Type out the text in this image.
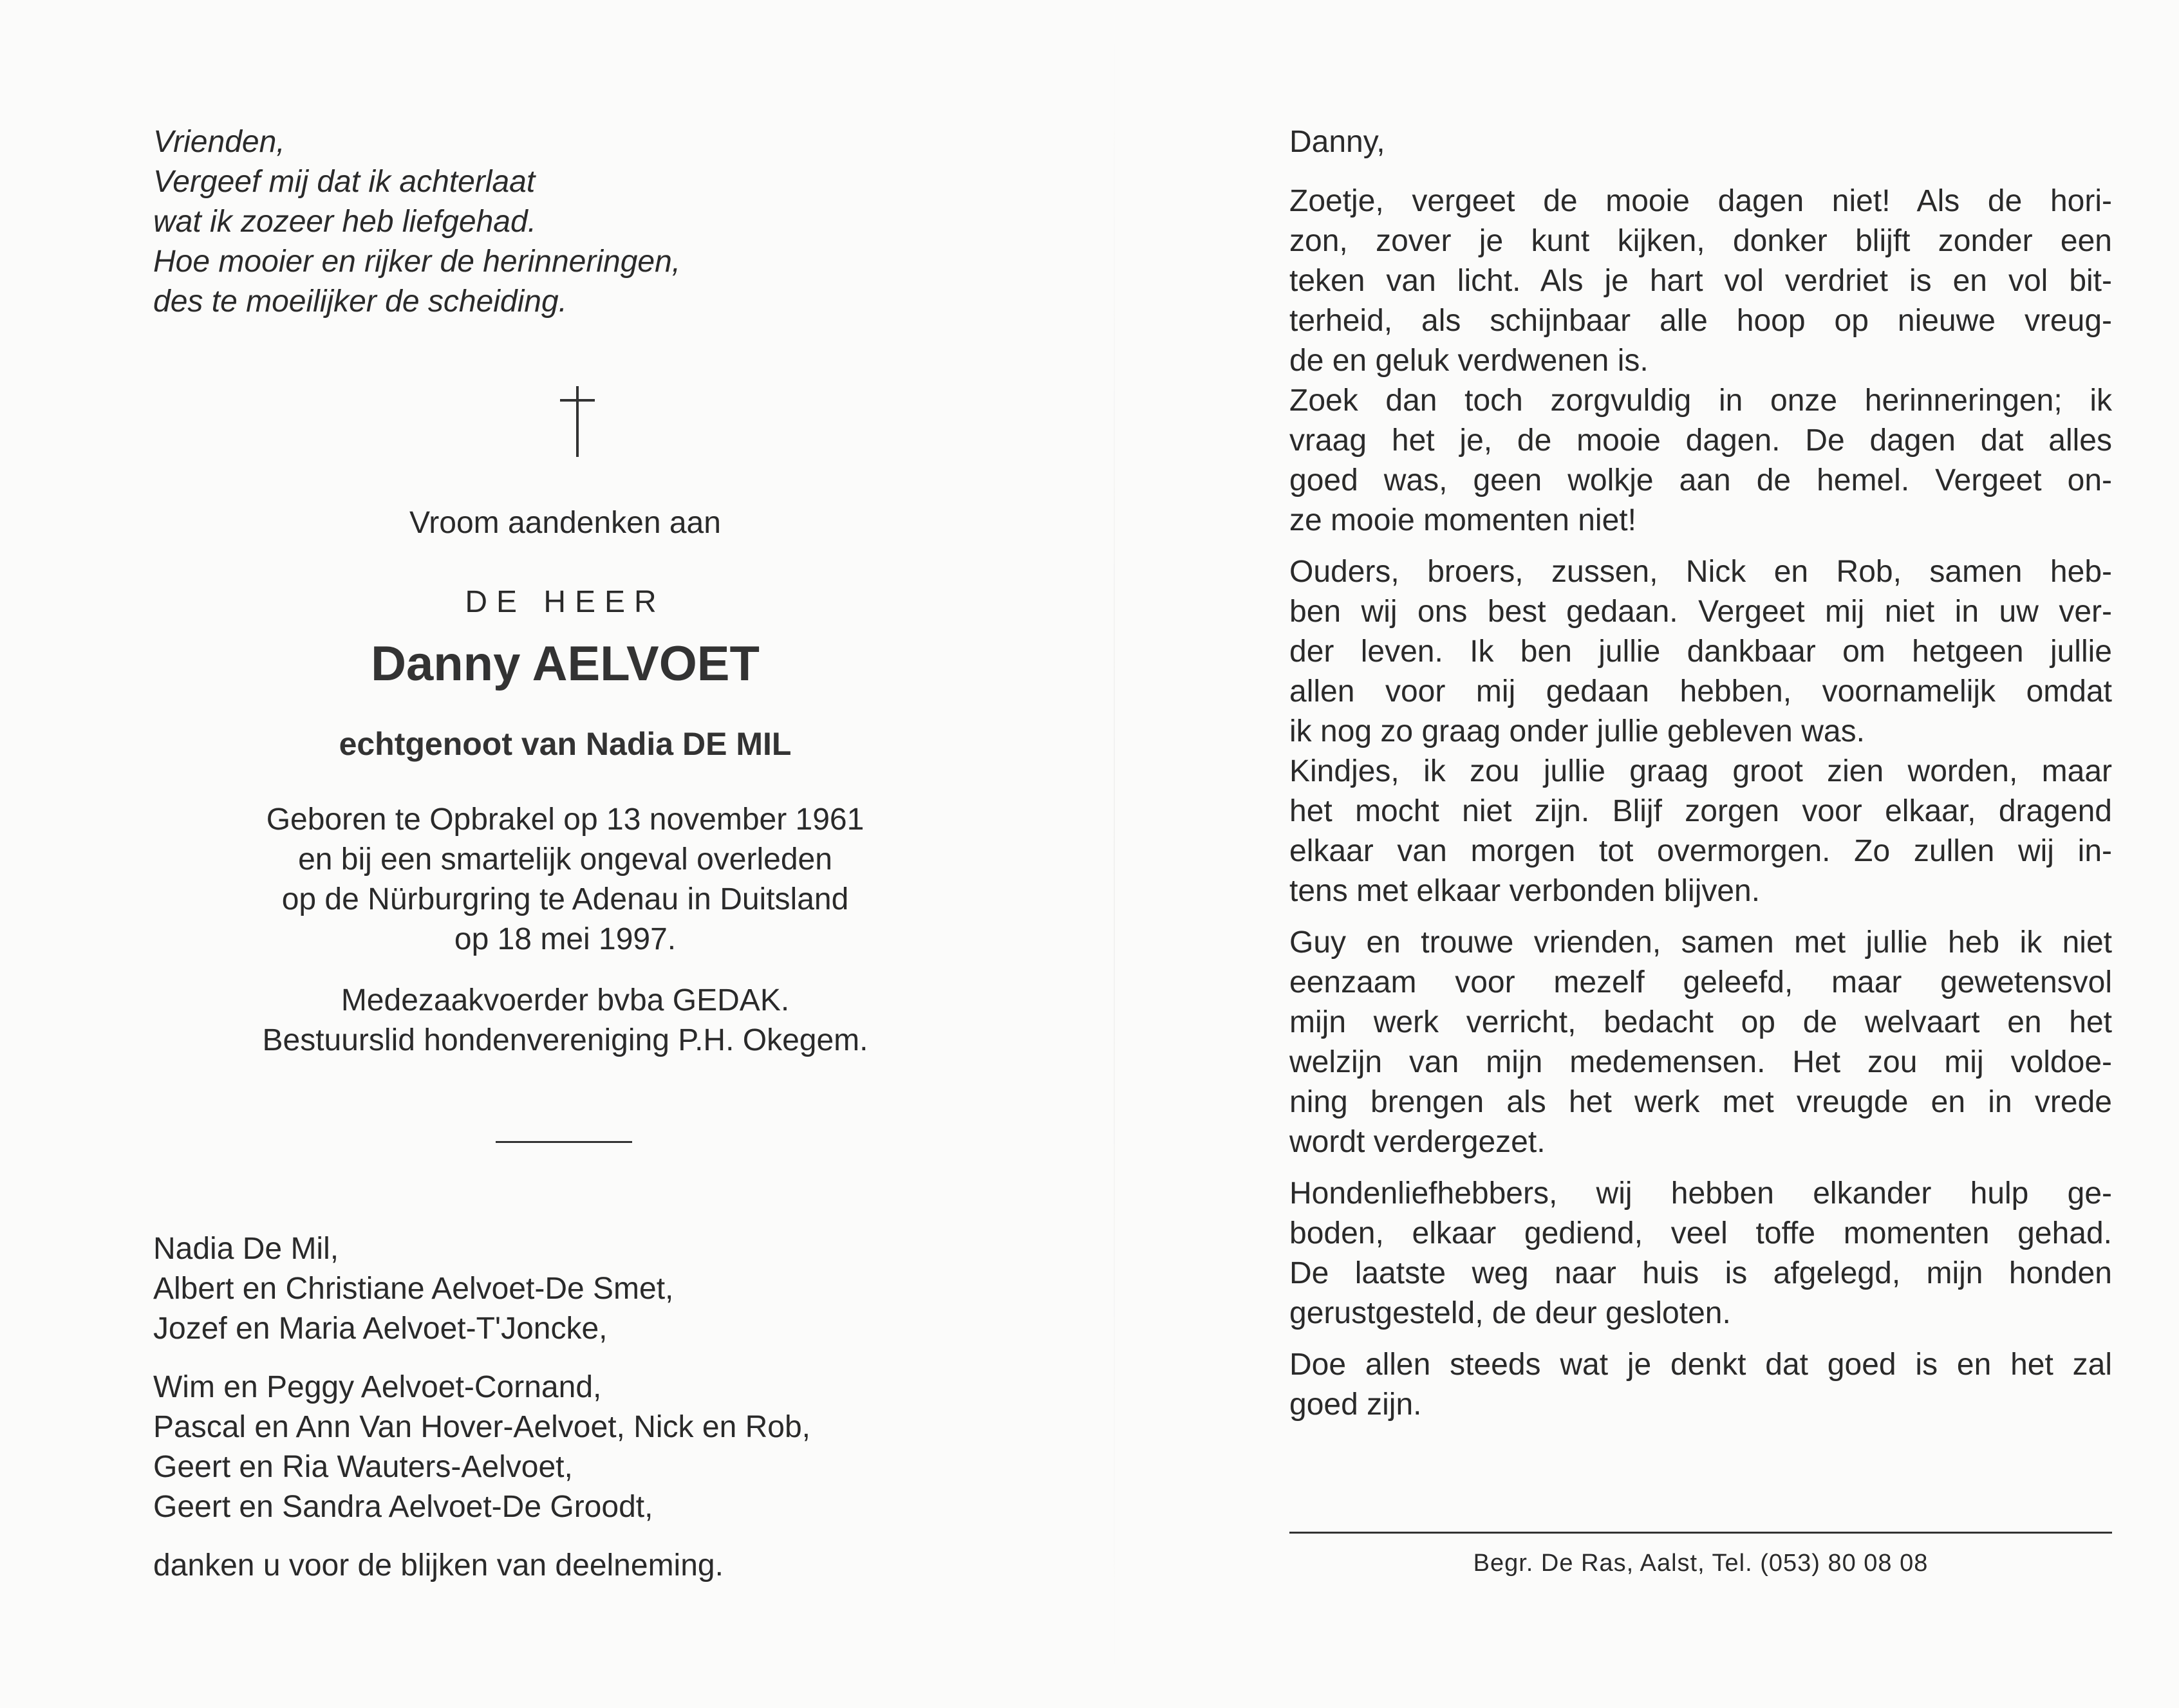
Vrienden,
Vergeef mij dat ik achterlaat
wat ik zozeer heb liefgehad.
Hoe mooier en rijker de herinneringen,
des te moeilijker de scheiding.
Vroom aandenken aan
DE HEER
Danny AELVOET
echtgenoot van Nadia DE MIL
Geboren te Opbrakel op 13 november 1961
en bij een smartelijk ongeval overleden
op de Nürburgring te Adenau in Duitsland
op 18 mei 1997.
Medezaakvoerder bvba GEDAK.
Bestuurslid hondenvereniging P.H. Okegem.
Nadia De Mil,
Albert en Christiane Aelvoet-De Smet,
Jozef en Maria Aelvoet-T'Joncke,
Wim en Peggy Aelvoet-Cornand,
Pascal en Ann Van Hover-Aelvoet, Nick en Rob,
Geert en Ria Wauters-Aelvoet,
Geert en Sandra Aelvoet-De Groodt,
danken u voor de blijken van deelneming.
Danny,
Zoetje, vergeet de mooie dagen niet! Als de hori-
zon, zover je kunt kijken, donker blijft zonder een
teken van licht. Als je hart vol verdriet is en vol bit-
terheid, als schijnbaar alle hoop op nieuwe vreug-
de en geluk verdwenen is.
Zoek dan toch zorgvuldig in onze herinneringen; ik
vraag het je, de mooie dagen. De dagen dat alles
goed was, geen wolkje aan de hemel. Vergeet on-
ze mooie momenten niet!
Ouders, broers, zussen, Nick en Rob, samen heb-
ben wij ons best gedaan. Vergeet mij niet in uw ver-
der leven. Ik ben jullie dankbaar om hetgeen jullie
allen voor mij gedaan hebben, voornamelijk omdat
ik nog zo graag onder jullie gebleven was.
Kindjes, ik zou jullie graag groot zien worden, maar
het mocht niet zijn. Blijf zorgen voor elkaar, dragend
elkaar van morgen tot overmorgen. Zo zullen wij in-
tens met elkaar verbonden blijven.
Guy en trouwe vrienden, samen met jullie heb ik niet
eenzaam voor mezelf geleefd, maar gewetensvol
mijn werk verricht, bedacht op de welvaart en het
welzijn van mijn medemensen. Het zou mij voldoe-
ning brengen als het werk met vreugde en in vrede
wordt verdergezet.
Hondenliefhebbers, wij hebben elkander hulp ge-
boden, elkaar gediend, veel toffe momenten gehad.
De laatste weg naar huis is afgelegd, mijn honden
gerustgesteld, de deur gesloten.
Doe allen steeds wat je denkt dat goed is en het zal
goed zijn.
Begr. De Ras, Aalst, Tel. (053) 80 08 08
